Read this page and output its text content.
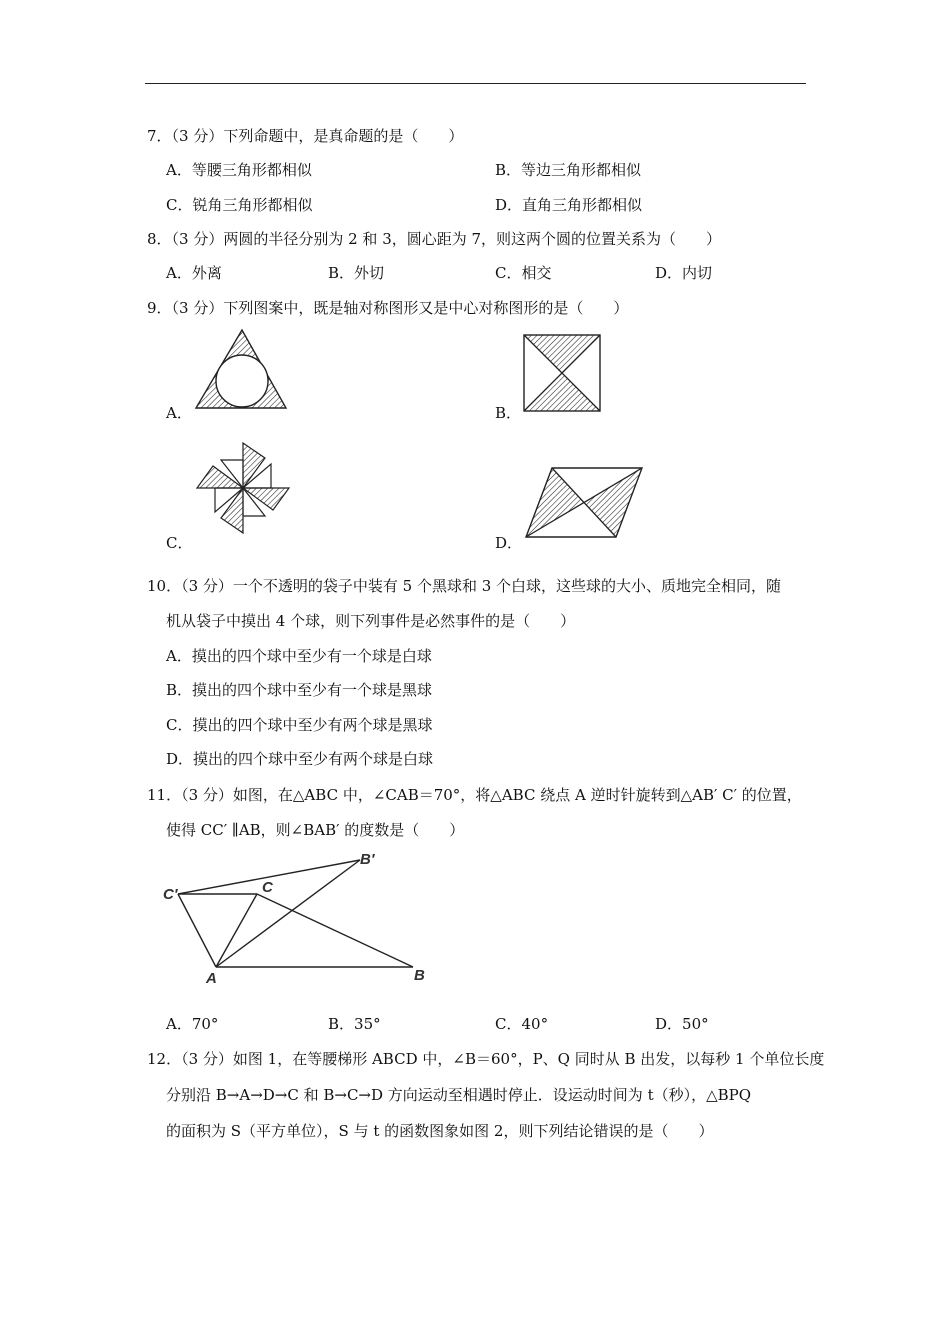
7．（3 分）下列命题中，是真命题的是（　　）
A．等腰三角形都相似	B．等边三角形都相似
C．锐角三角形都相似	D．直角三角形都相似
8．（3 分）两圆的半径分别为 2 和 3，圆心距为 7，则这两个圆的位置关系为（　　）
A．外离	B．外切	C．相交	D．内切
9．（3 分）下列图案中，既是轴对称图形又是中心对称图形的是（　　）
A．	B．
C．	D．
10．（3 分）一个不透明的袋子中装有 5 个黑球和 3 个白球，这些球的大小、质地完全相同，随
机从袋子中摸出 4 个球，则下列事件是必然事件的是（　　）
A．摸出的四个球中至少有一个球是白球
B．摸出的四个球中至少有一个球是黑球
C．摸出的四个球中至少有两个球是黑球
D．摸出的四个球中至少有两个球是白球
11．（3 分）如图，在△ABC 中，∠CAB＝70°，将△ABC 绕点 A 逆时针旋转到△AB′ C′ 的位置，
使得 CC′ ∥AB，则∠BAB′ 的度数是（　　）
C′	C
B′
A	B
A．70°	B．35°	C．40°	D．50°
12．（3 分）如图 1，在等腰梯形 ABCD 中，∠B＝60°，P、Q 同时从 B 出发，以每秒 1 个单位长度
分别沿 B→A→D→C 和 B→C→D 方向运动至相遇时停止．设运动时间为 t（秒），△BPQ
的面积为 S（平方单位），S 与 t 的函数图象如图 2，则下列结论错误的是（　　）
